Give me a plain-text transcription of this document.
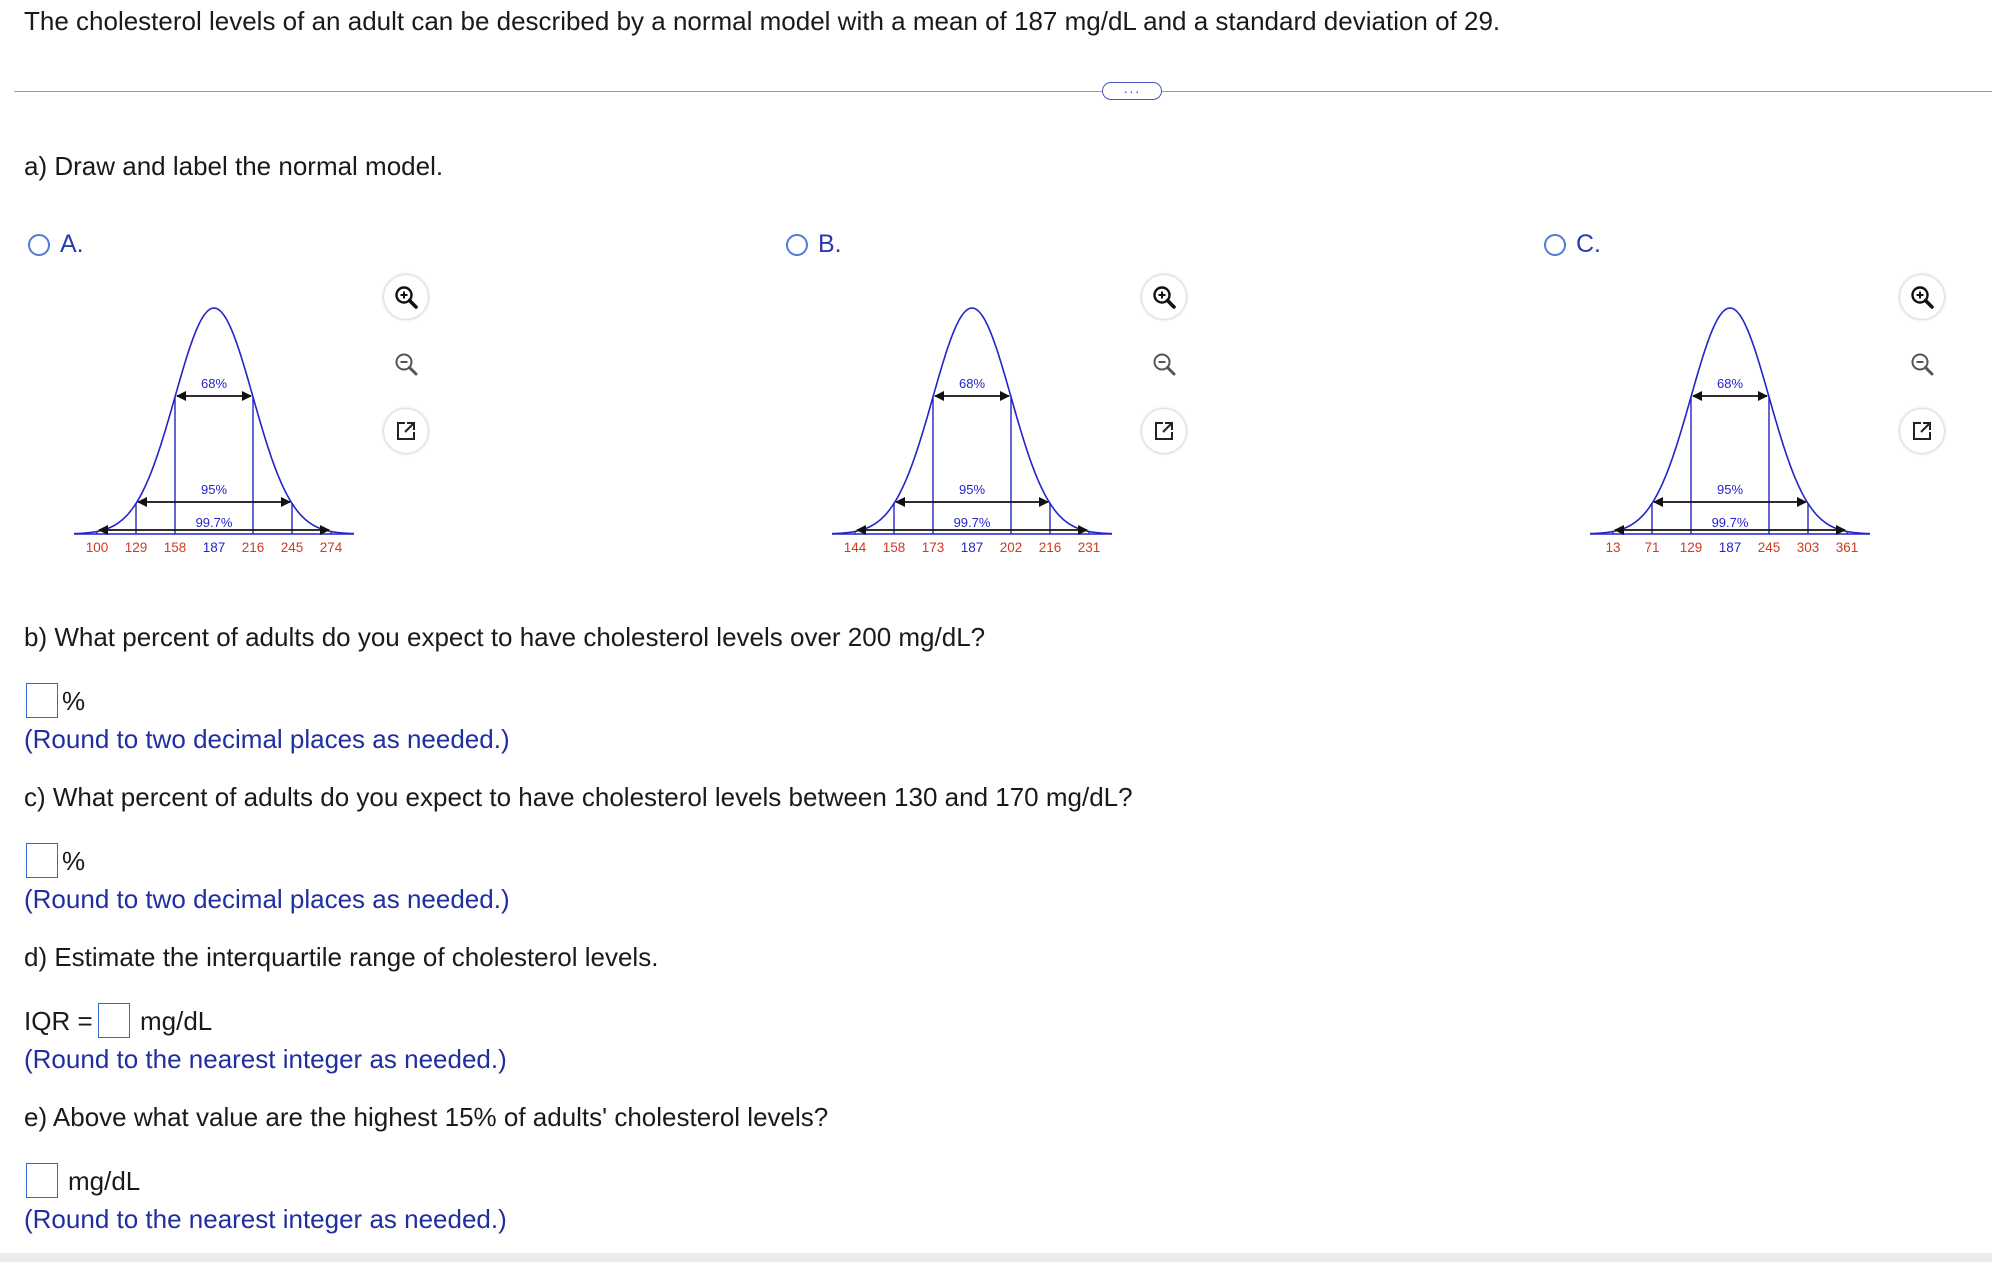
The cholesterol levels of an adult can be described by a normal model with a mean of 187 mg/dL and a standard deviation of 29.
···
a) Draw and label the normal model.
A.	B.	C.
68%
95%
99.7%
100 129 158 187 216 245 274
68%
95%
99.7%
144 158 173 187 202 216 231
68%
95%
99.7%
13 71 129 187 245 303 361
b) What percent of adults do you expect to have cholesterol levels over 200 mg/dL?
%
(Round to two decimal places as needed.)
c) What percent of adults do you expect to have cholesterol levels between 130 and 170 mg/dL?
%
(Round to two decimal places as needed.)
d) Estimate the interquartile range of cholesterol levels.
IQR = mg/dL
(Round to the nearest integer as needed.)
e) Above what value are the highest 15% of adults' cholesterol levels?
mg/dL
(Round to the nearest integer as needed.)
